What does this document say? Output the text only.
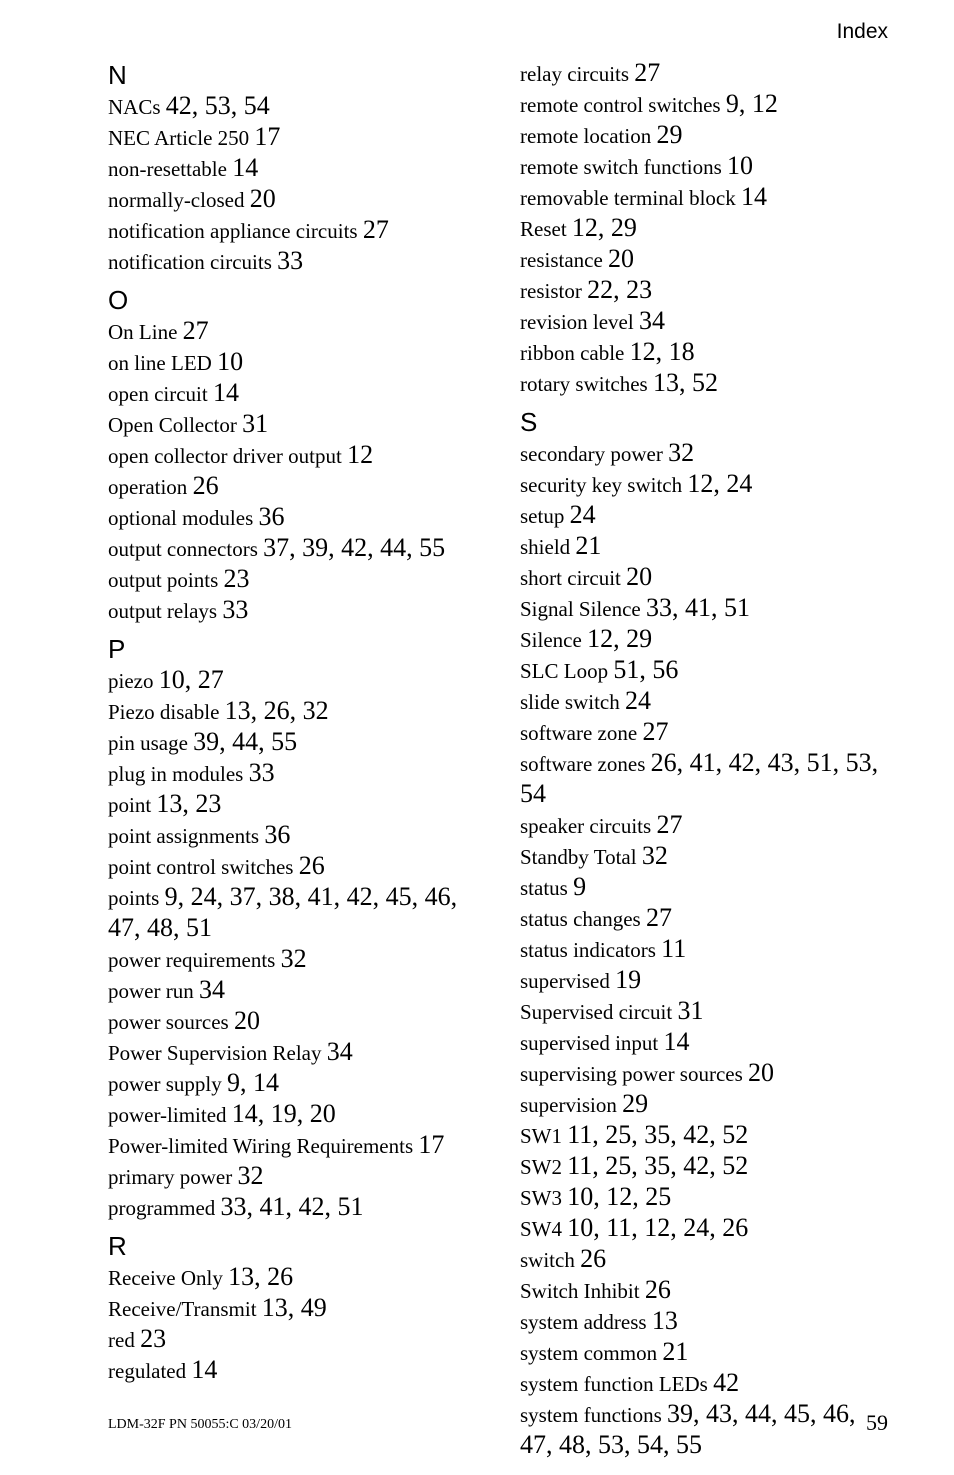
Index
N
NACs 42, 53, 54
NEC Article 250 17
non-resettable 14
normally-closed 20
notification appliance circuits 27
notification circuits 33
O
On Line 27
on line LED 10
open circuit 14
Open Collector 31
open collector driver output 12
operation 26
optional modules 36
output connectors 37, 39, 42, 44, 55
output points 23
output relays 33
P
piezo 10, 27
Piezo disable 13, 26, 32
pin usage 39, 44, 55
plug in modules 33
point 13, 23
point assignments 36
point control switches 26
points 9, 24, 37, 38, 41, 42, 45, 46, 47, 48, 51
power requirements 32
power run 34
power sources 20
Power Supervision Relay 34
power supply 9, 14
power-limited 14, 19, 20
Power-limited Wiring Requirements 17
primary power 32
programmed 33, 41, 42, 51
R
Receive Only 13, 26
Receive/Transmit 13, 49
red 23
regulated 14
relay circuits 27
remote control switches 9, 12
remote location 29
remote switch functions 10
removable terminal block 14
Reset 12, 29
resistance 20
resistor 22, 23
revision level 34
ribbon cable 12, 18
rotary switches 13, 52
S
secondary power 32
security key switch 12, 24
setup 24
shield 21
short circuit 20
Signal Silence 33, 41, 51
Silence 12, 29
SLC Loop 51, 56
slide switch 24
software zone 27
software zones 26, 41, 42, 43, 51, 53, 54
speaker circuits 27
Standby Total 32
status 9
status changes 27
status indicators 11
supervised 19
Supervised circuit 31
supervised input 14
supervising power sources 20
supervision 29
SW1 11, 25, 35, 42, 52
SW2 11, 25, 35, 42, 52
SW3 10, 12, 25
SW4 10, 11, 12, 24, 26
switch 26
Switch Inhibit 26
system address 13
system common 21
system function LEDs 42
system functions 39, 43, 44, 45, 46, 47, 48, 53, 54, 55
LDM-32F PN 50055:C 03/20/01	59
